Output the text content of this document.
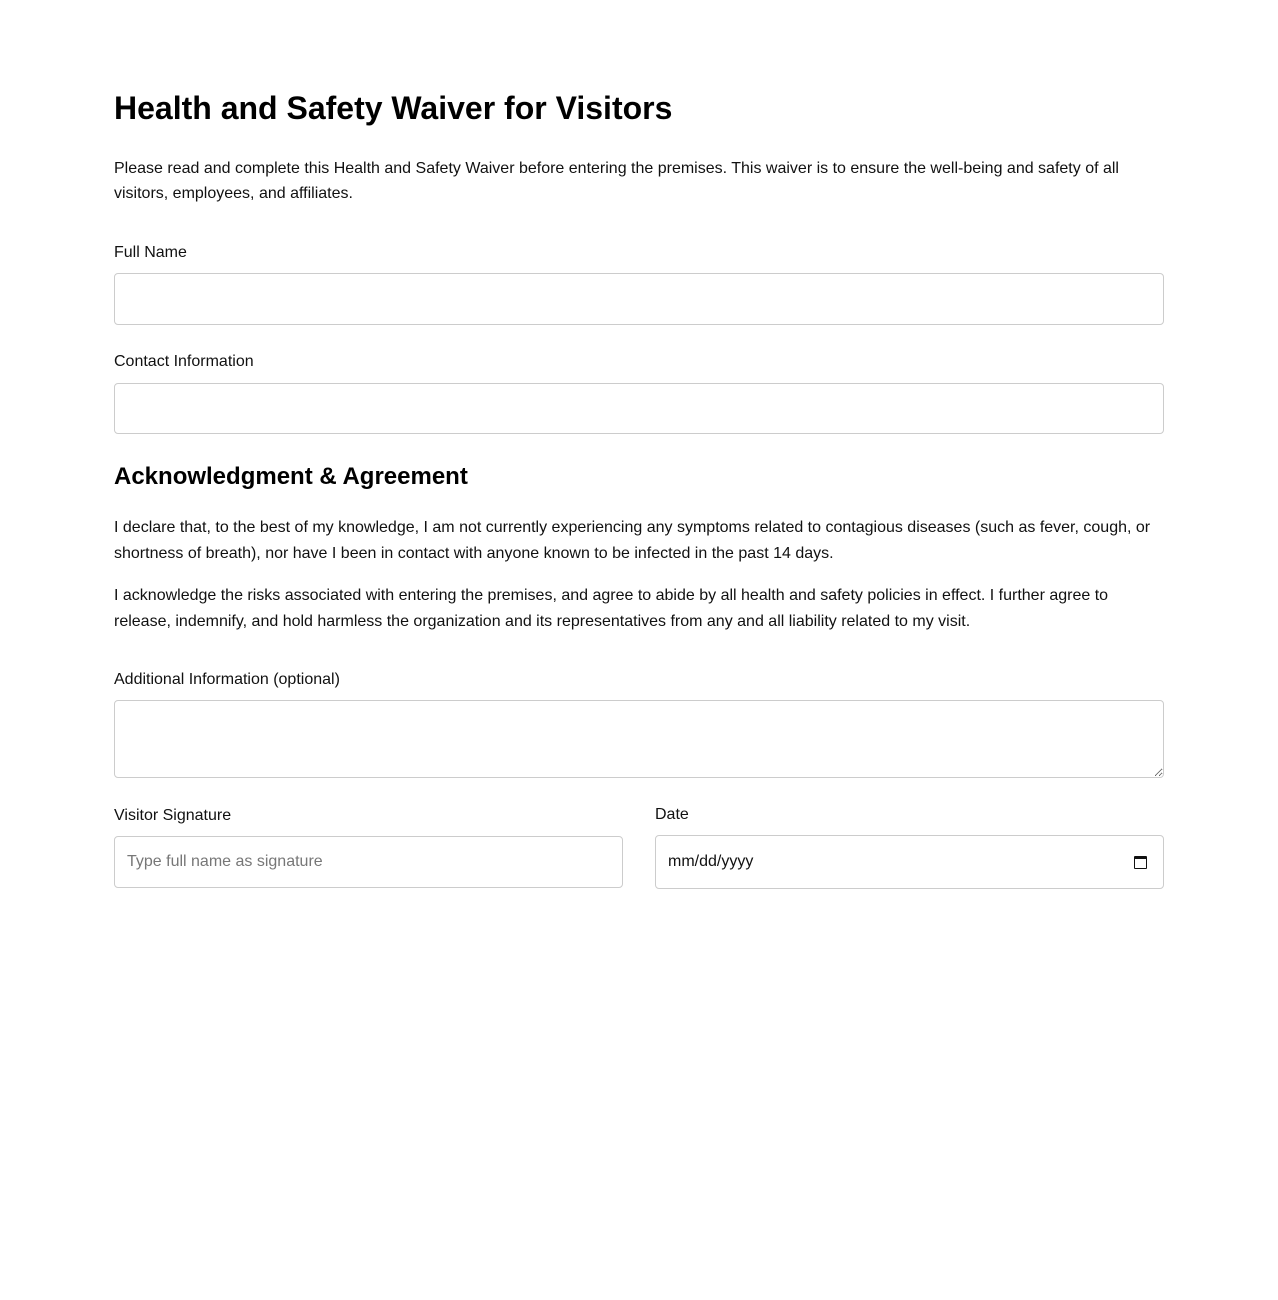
Health and Safety Waiver for Visitors

Please read and complete this Health and Safety Waiver before entering the premises. This waiver is to ensure the well-being and safety of all visitors, employees, and affiliates.

Full Name
Contact Information
Acknowledgment & Agreement

I declare that, to the best of my knowledge, I am not currently experiencing any symptoms related to contagious diseases (such as fever, cough, or shortness of breath), nor have I been in contact with anyone known to be infected in the past 14 days.

I acknowledge the risks associated with entering the premises, and agree to abide by all health and safety policies in effect. I further agree to release, indemnify, and hold harmless the organization and its representatives from any and all liability related to my visit.

Additional Information (optional)
Visitor Signature
Type full name as signature	Date
mm/dd/yyyy
